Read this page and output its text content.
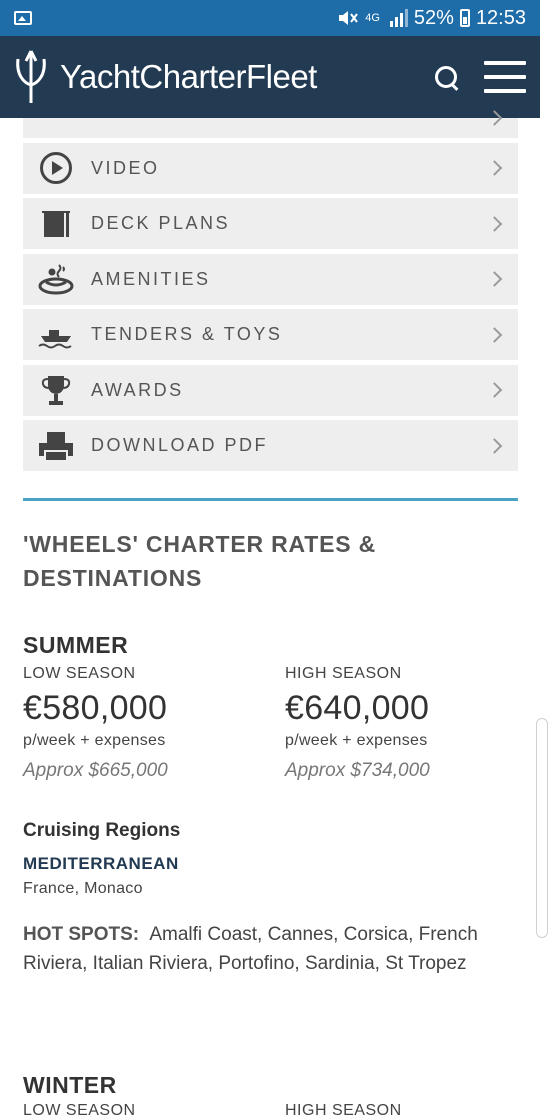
4G 52% 12:53
YachtCharterFleet
VIDEO
DECK PLANS
AMENITIES
TENDERS & TOYS
AWARDS
DOWNLOAD PDF
'WHEELS' CHARTER RATES & DESTINATIONS
SUMMER
LOW SEASON
€580,000
p/week + expenses
Approx $665,000
HIGH SEASON
€640,000
p/week + expenses
Approx $734,000
Cruising Regions
MEDITERRANEAN
France, Monaco
HOT SPOTS: Amalfi Coast, Cannes, Corsica, French Riviera, Italian Riviera, Portofino, Sardinia, St Tropez
WINTER
LOW SEASON	HIGH SEASON
